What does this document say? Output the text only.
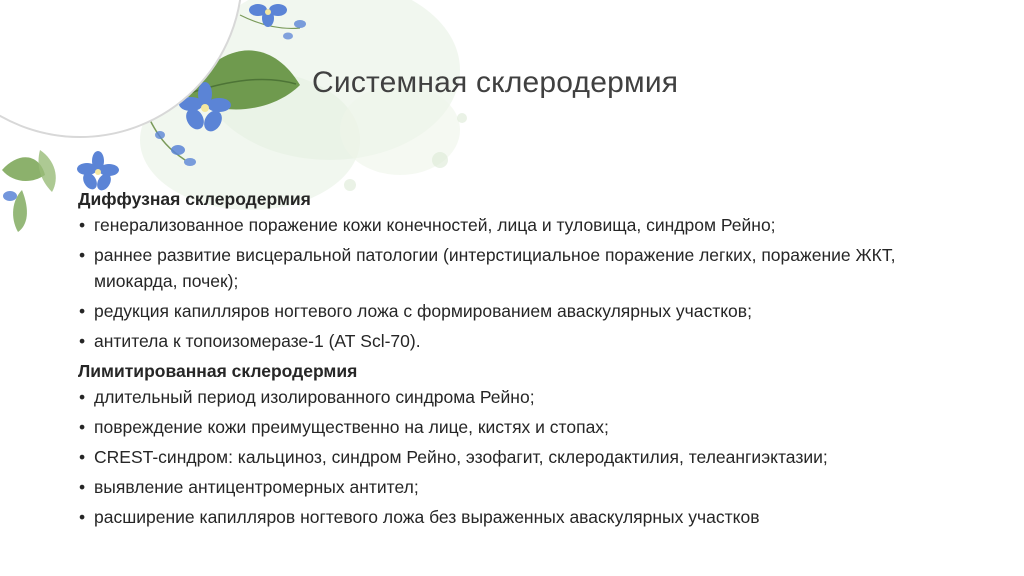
Системная склеродермия
Диффузная склеродермия
• генерализованное поражение кожи конечностей, лица и туловища, синдром Рейно;
• раннее развитие висцеральной патологии (интерстициальное поражение легких, поражение ЖКТ, миокарда, почек);
• редукция капилляров ногтевого ложа с формированием аваскулярных участков;
• антитела к топоизомеразе-1 (АТ Scl-70).
Лимитированная склеродермия
• длительный период изолированного синдрома Рейно;
• повреждение кожи преимущественно на лице, кистях и стопах;
• CREST-синдром: кальциноз, синдром Рейно, эзофагит, склеродактилия, телеангиэктазии;
• выявление антицентромерных антител;
• расширение капилляров ногтевого ложа без выраженных аваскулярных участков
